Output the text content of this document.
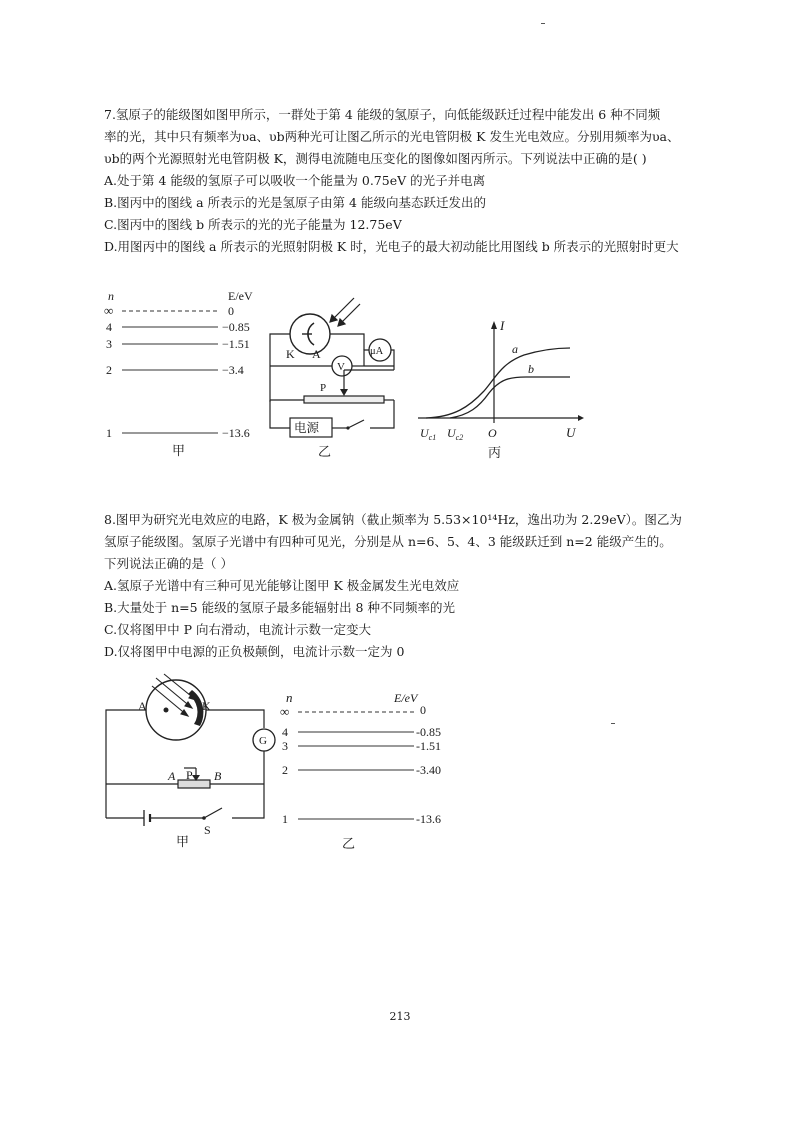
7.氢原子的能级图如图甲所示，一群处于第 4 能级的氢原子，向低能级跃迁过程中能发出 6 种不同频

率的光，其中只有频率为υa、υb两种光可让图乙所示的光电管阴极 K 发生光电效应。分别用频率为υa、

υb的两个光源照射光电管阴极 K，测得电流随电压变化的图像如图丙所示。下列说法中正确的是( )

A.处于第 4 能级的氢原子可以吸收一个能量为 0.75eV 的光子并电离

B.图丙中的图线 a 所表示的光是氢原子由第 4 能级向基态跃迁发出的

C.图丙中的图线 b 所表示的光的光子能量为 12.75eV

D.用图丙中的图线 a 所表示的光照射阴极 K 时，光电子的最大初动能比用图线 b 所表示的光照射时更大

n	E/eV
∞	0
4	−0.85
3	−1.51
2	−3.4
1	−13.6
甲
K A	μA
V
P
电源
乙
I
U
O
a
b
$U_{c1}$ $U_{c2}$
丙

8.图甲为研究光电效应的电路，K 极为金属钠（截止频率为 5.53×10¹⁴Hz，逸出功为 2.29eV）。图乙为

氢原子能级图。氢原子光谱中有四种可见光，分别是从 n=6、5、4、3 能级跃迁到 n=2 能级产生的。

下列说法正确的是（ ）

A.氢原子光谱中有三种可见光能够让图甲 K 极金属发生光电效应

B.大量处于 n=5 能级的氢原子最多能辐射出 8 种不同频率的光

C.仅将图甲中 P 向右滑动，电流计示数一定变大

D.仅将图甲中电源的正负极颠倒，电流计示数一定为 0

A	K
G
A P B
S
甲
n	E/eV
∞	0
4	-0.85
3	-1.51
2	-3.40
1	-13.6
乙
213
